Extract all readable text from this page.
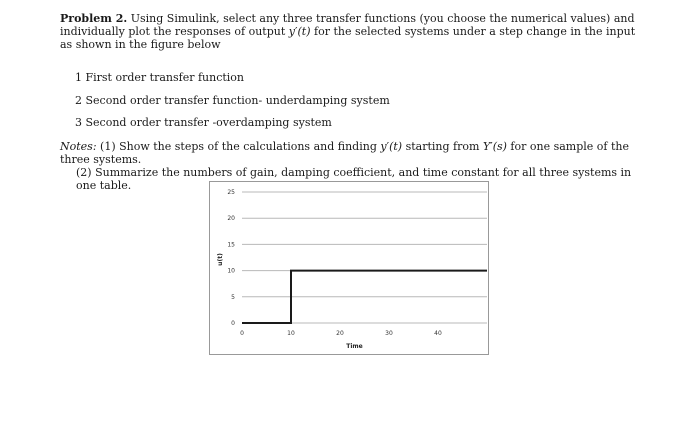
Problem 2. Using Simulink, select any three transfer functions (you choose the numerical values) and individually plot the responses of output y′(t) for the selected systems under a step change in the input as shown in the figure below
1 First order transfer function
2 Second order transfer function- underdamping system
3 Second order transfer -overdamping system
Notes: (1) Show the steps of the calculations and finding y′(t) starting from Y′(s) for one sample of the three systems.
(2) Summarize the numbers of gain, damping coefficient, and time constant for all three systems in one table.
0
5
10
15
20
25
0	10	20	30	40
Time
u(t)
